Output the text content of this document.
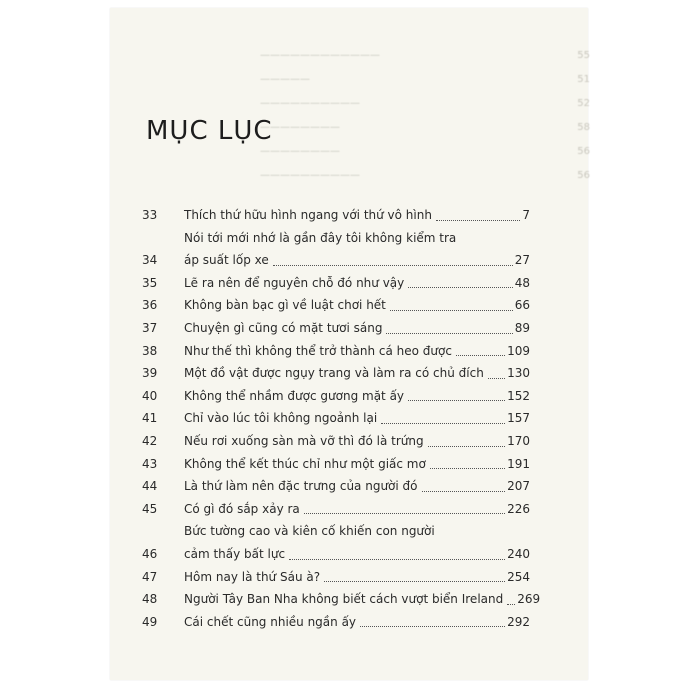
————————————	55
—————	51
——————————	52
————————	58
————————	56
——————————	56
MỤC LỤC
33	Thích thứ hữu hình ngang với thứ vô hình	7
34
Nói tới mới nhớ là gần đây tôi không kiểm tra
áp suất lốp xe	27
35	Lẽ ra nên để nguyên chỗ đó như vậy	48
36	Không bàn bạc gì về luật chơi hết	66
37	Chuyện gì cũng có mặt tươi sáng	89
38	Như thế thì không thể trở thành cá heo được	109
39	Một đồ vật được ngụy trang và làm ra có chủ đích 130
40	Không thể nhầm được gương mặt ấy	152
41	Chỉ vào lúc tôi không ngoảnh lại	157
42	Nếu rơi xuống sàn mà vỡ thì đó là trứng	170
43	Không thể kết thúc chỉ như một giấc mơ	191
44	Là thứ làm nên đặc trưng của người đó	207
45	Có gì đó sắp xảy ra	226
46
Bức tường cao và kiên cố khiến con người
cảm thấy bất lực	240
47	Hôm nay là thứ Sáu à?	254
48	Người Tây Ban Nha không biết cách vượt biển Ireland 269
49	Cái chết cũng nhiều ngần ấy	292
